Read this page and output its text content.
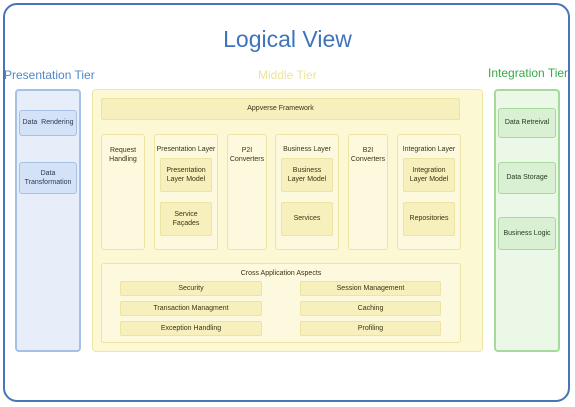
Logical View
Presentation Tier	Middle Tier	Integration Tier
Data  Rendering
Data
Transformation
Appverse Framework
Request
Handling
Presentation Layer
Presentation
Layer Model
Service Façades
P2I
Converters
Business Layer
Business
Layer Model
Services
B2I
Converters
Integration Layer
Integration
Layer Model
Repositories
Cross Application Aspects
Security
Transaction Managment
Exception Handling
Session Management
Caching
Profiling
Data Retreival
Data Storage
Business Logic
